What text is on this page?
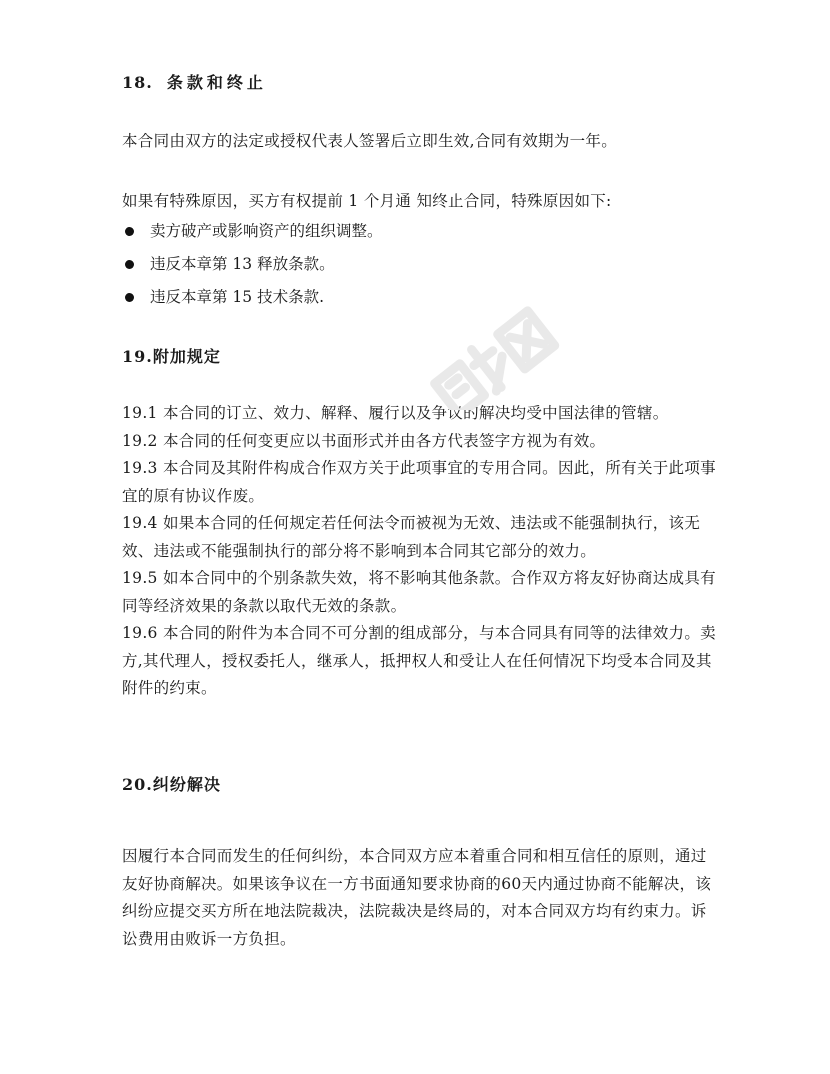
18. 条款和终止
本合同由双方的法定或授权代表人签署后立即生效,合同有效期为一年。
如果有特殊原因，买方有权提前 1 个月通 知终止合同，特殊原因如下:
卖方破产或影响资产的组织调整。
违反本章第 13 释放条款。
违反本章第 15 技术条款.
19.附加规定
19.1 本合同的订立、效力、解释、履行以及争议的解决均受中国法律的管辖。
19.2 本合同的任何变更应以书面形式并由各方代表签字方视为有效。
19.3 本合同及其附件构成合作双方关于此项事宜的专用合同。因此，所有关于此项事
宜的原有协议作废。
19.4 如果本合同的任何规定若任何法令而被视为无效、违法或不能强制执行，该无
效、违法或不能强制执行的部分将不影响到本合同其它部分的效力。
19.5 如本合同中的个别条款失效，将不影响其他条款。合作双方将友好协商达成具有
同等经济效果的条款以取代无效的条款。
19.6 本合同的附件为本合同不可分割的组成部分，与本合同具有同等的法律效力。卖
方,其代理人，授权委托人，继承人，抵押权人和受让人在任何情况下均受本合同及其
附件的约束。
20.纠纷解决
因履行本合同而发生的任何纠纷，本合同双方应本着重合同和相互信任的原则，通过
友好协商解决。如果该争议在一方书面通知要求协商的60天内通过协商不能解决，该
纠纷应提交买方所在地法院裁决，法院裁决是终局的，对本合同双方均有约束力。诉
讼费用由败诉一方负担。
